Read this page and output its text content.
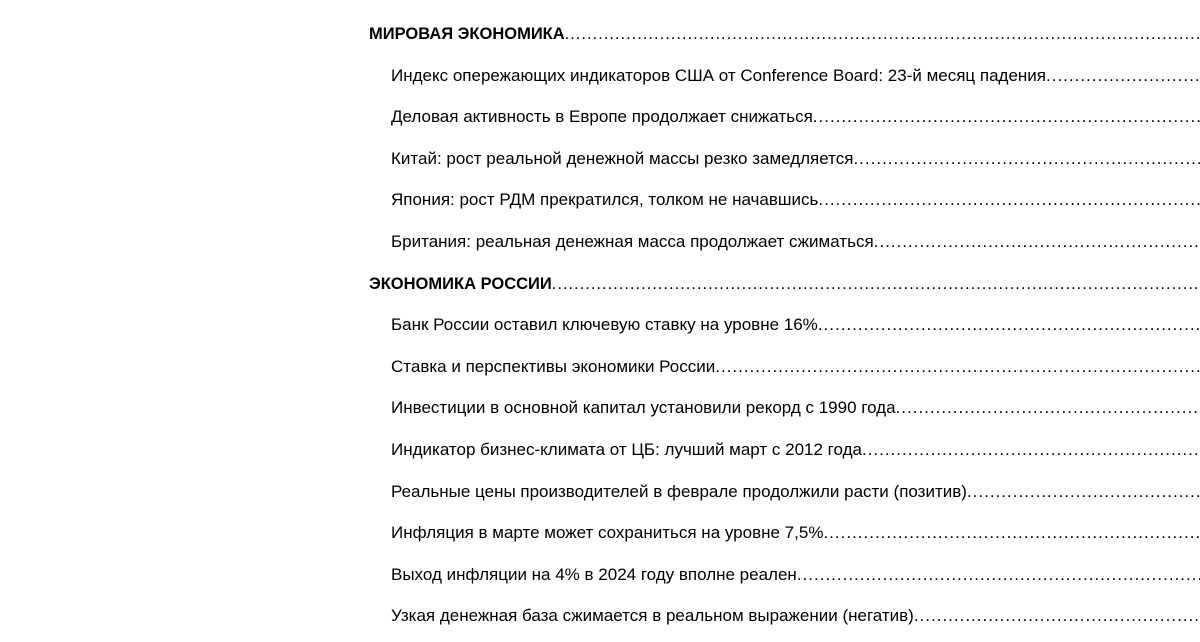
МИРОВАЯ ЭКОНОМИКА
.....
Индекс опережающих индикаторов США от Conference Board: 23-й месяц падения
.....
Деловая активность в Европе продолжает снижаться
.....
Китай: рост реальной денежной массы резко замедляется
.....
Япония: рост РДМ прекратился, толком не начавшись
.....
Британия: реальная денежная масса продолжает сжиматься
.....
ЭКОНОМИКА РОССИИ
.....
Банк России оставил ключевую ставку на уровне 16%
.....
Ставка и перспективы экономики России
.....
Инвестиции в основной капитал установили рекорд с 1990 года
.....
Индикатор бизнес-климата от ЦБ: лучший март с 2012 года
.....
Реальные цены производителей в феврале продолжили расти (позитив)
.....
Инфляция в марте может сохраниться на уровне 7,5%
.....
Выход инфляции на 4% в 2024 году вполне реален
.....
Узкая денежная база сжимается в реальном выражении (негатив)
.....
